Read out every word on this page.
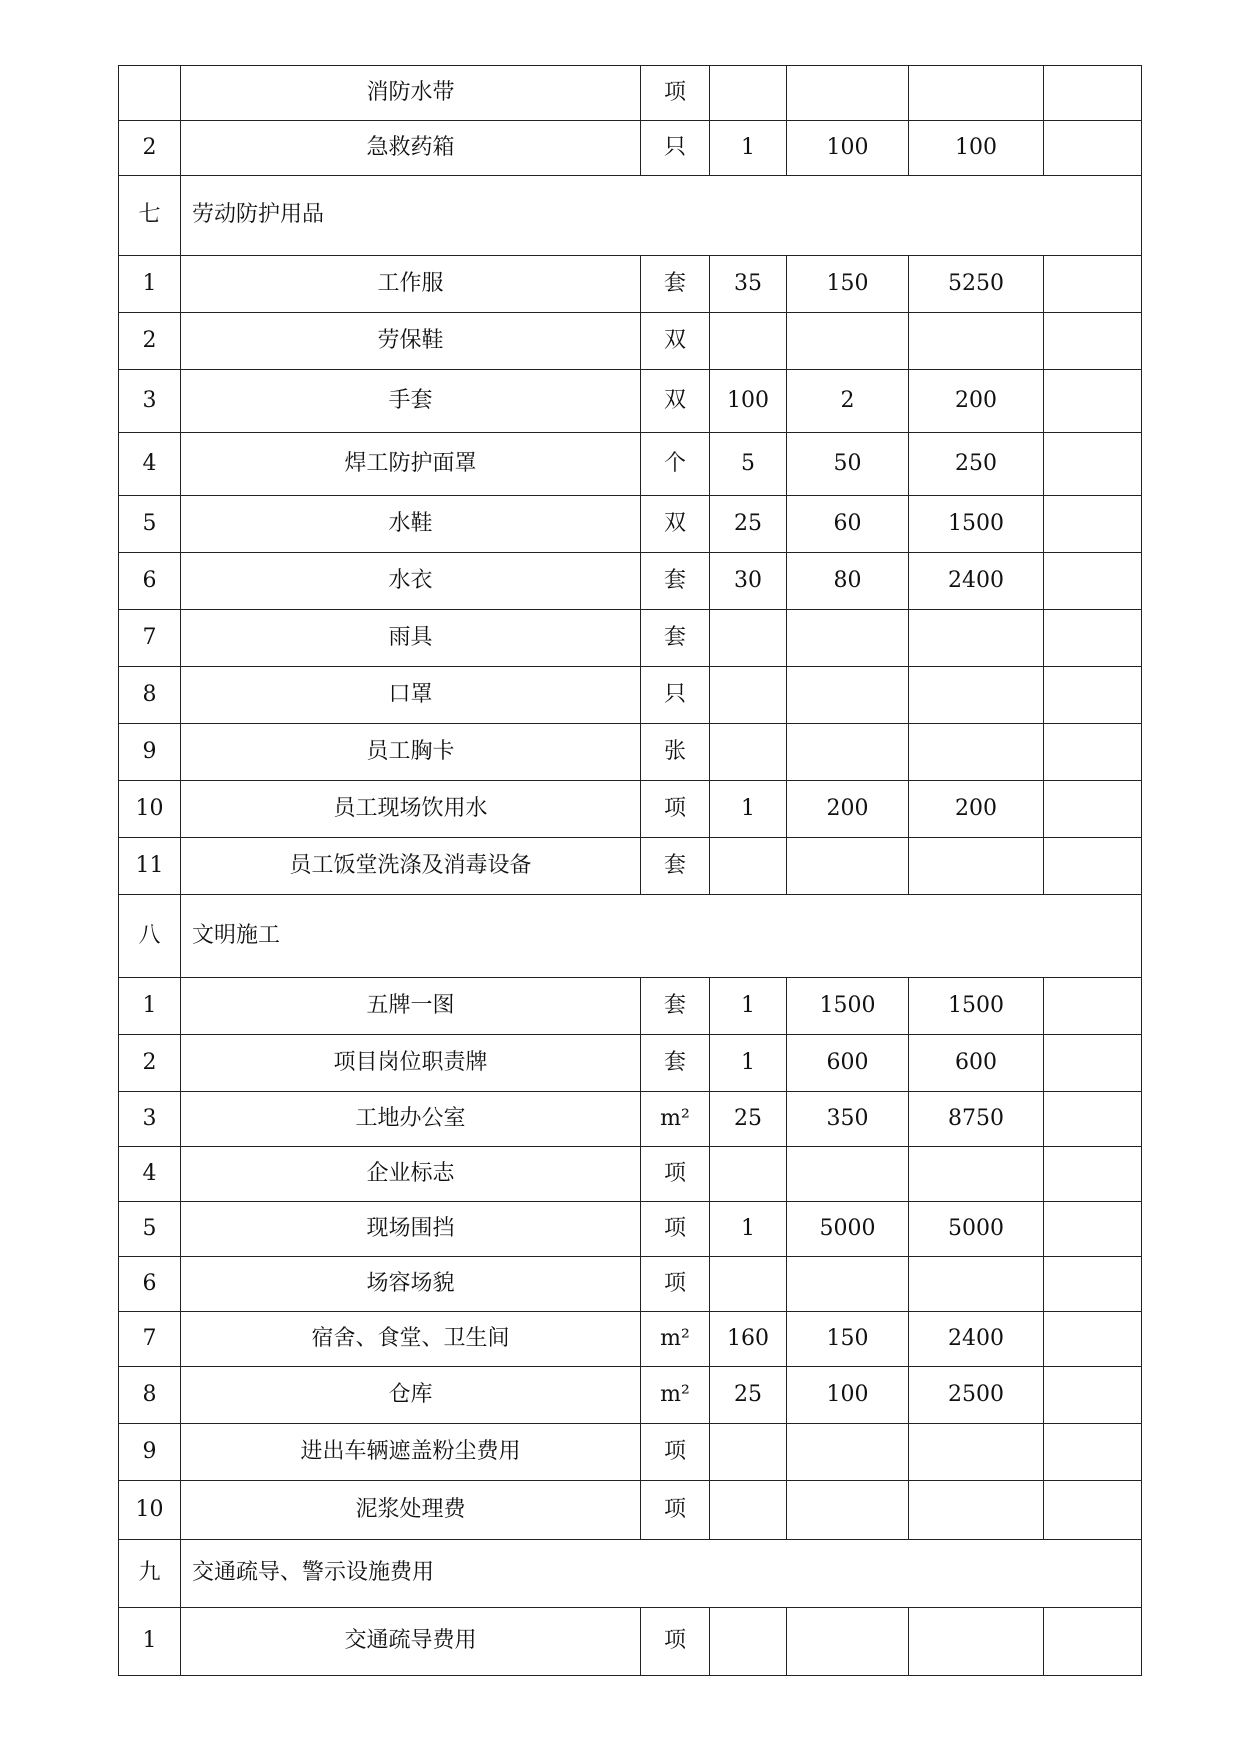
	消防水带	项				
2	急救药箱	只	1	100	100	
七	劳动防护用品					
1	工作服	套	35	150	5250	
2	劳保鞋	双				
3	手套	双	100	2	200	
4	焊工防护面罩	个	5	50	250	
5	水鞋	双	25	60	1500	
6	水衣	套	30	80	2400	
7	雨具	套				
8	口罩	只				
9	员工胸卡	张				
10	员工现场饮用水	项	1	200	200	
11	员工饭堂洗涤及消毒设备	套				
八	文明施工					
1	五牌一图	套	1	1500	1500	
2	项目岗位职责牌	套	1	600	600	
3	工地办公室	m²	25	350	8750	
4	企业标志	项				
5	现场围挡	项	1	5000	5000	
6	场容场貌	项				
7	宿舍、食堂、卫生间	m²	160	150	2400	
8	仓库	m²	25	100	2500	
9	进出车辆遮盖粉尘费用	项				
10	泥浆处理费	项				
九	交通疏导、警示设施费用					
1	交通疏导费用	项				
